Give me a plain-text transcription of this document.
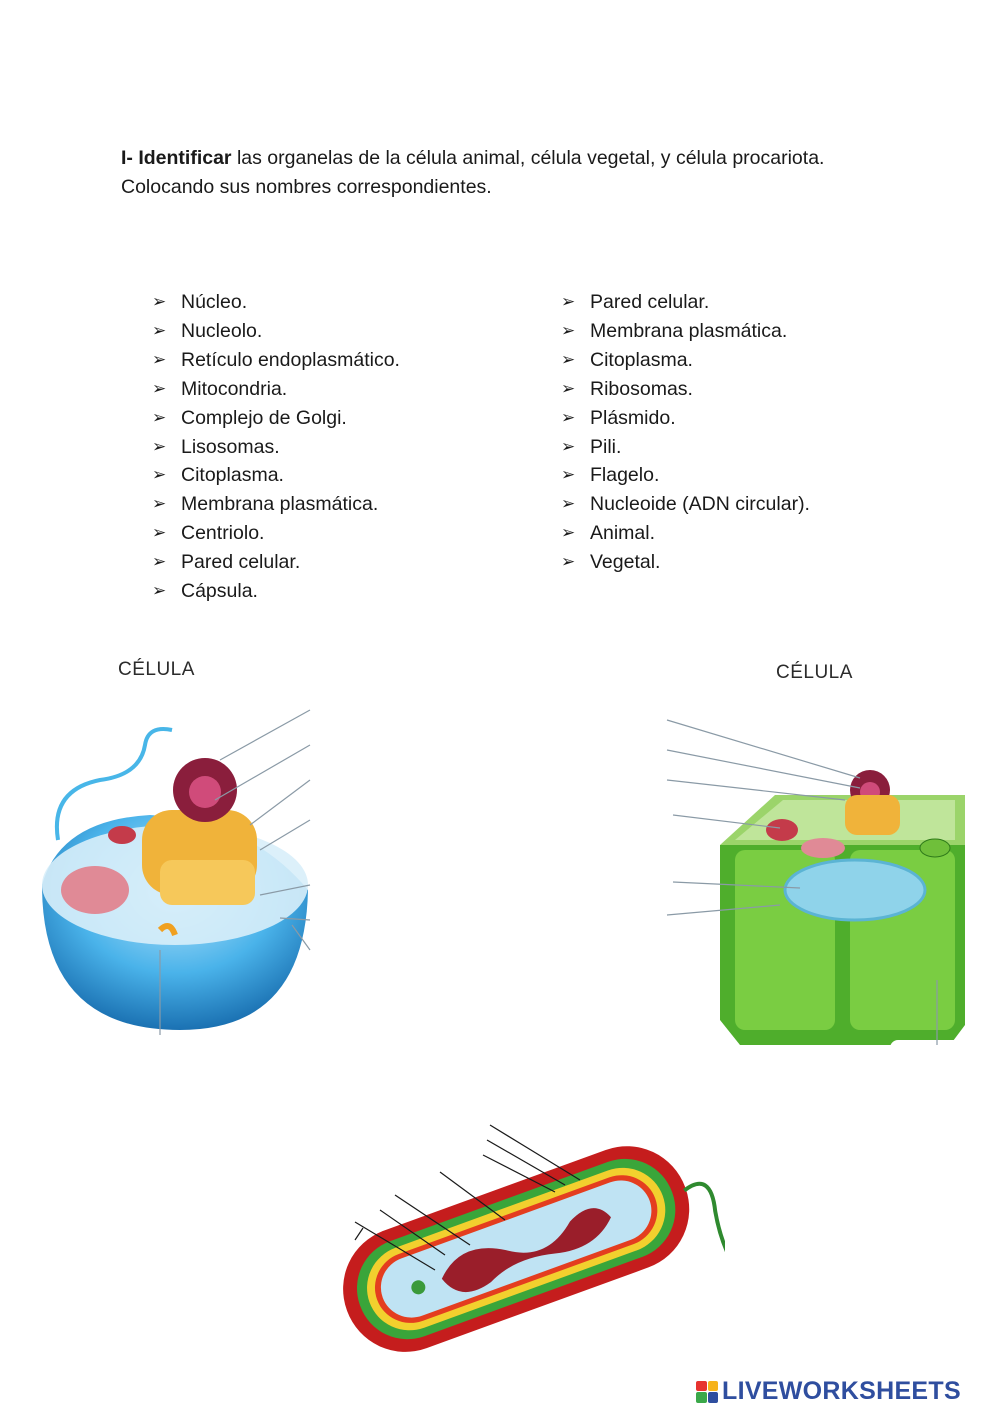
I- Identificar las organelas de la célula animal, célula vegetal, y célula procariota.
Colocando sus nombres correspondientes.
➢ Núcleo.
➢ Nucleolo.
➢ Retículo endoplasmático.
➢ Mitocondria.
➢ Complejo de Golgi.
➢ Lisosomas.
➢ Citoplasma.
➢ Membrana plasmática.
➢ Centriolo.
➢ Pared celular.
➢ Cápsula.
➢ Pared celular.
➢ Membrana plasmática.
➢ Citoplasma.
➢ Ribosomas.
➢ Plásmido.
➢ Pili.
➢ Flagelo.
➢ Nucleoide (ADN circular).
➢ Animal.
➢ Vegetal.
CÉLULA	CÉLULA
LIVEWORKSHEETS
